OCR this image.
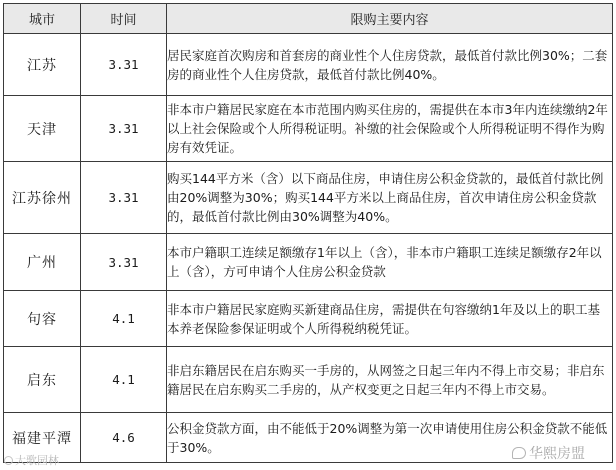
城市	时间	限购主要内容
江苏	3.31	居民家庭首次购房和首套房的商业性个人住房贷款，最低首付款比例30%；二套房的商业性个人住房贷款，最低首付款比例40%。
天津	3.31	非本市户籍居民家庭在本市范围内购买住房的，需提供在本市3年内连续缴纳2年以上社会保险或个人所得税证明。补缴的社会保险或个人所得税证明不得作为购房有效凭证。
江苏徐州	3.31	购买144平方米（含）以下商品住房，申请住房公积金贷款的，最低首付款比例由20%调整为30%；购买144平方米以上商品住房，首次申请住房公积金贷款的，最低首付款比例由30%调整为40%。
广州	3.31	本市户籍职工连续足额缴存1年以上（含），非本市户籍职工连续足额缴存2年以上（含），方可申请个人住房公积金贷款
句容	4.1	非本市户籍居民家庭购买新建商品住房，需提供在句容缴纳1年及以上的职工基本养老保险参保证明或个人所得税纳税凭证。
启东	4.1	非启东籍居民在启东购买一手房的，从网签之日起三年内不得上市交易；非启东籍居民在启东购买二手房的，从产权变更之日起三年内不得上市交易。
福建平潭	4.6	公积金贷款方面，由不能低于20%调整为第一次申请使用住房公积金贷款不能低于30%。
大歌园林	华熙房盟
